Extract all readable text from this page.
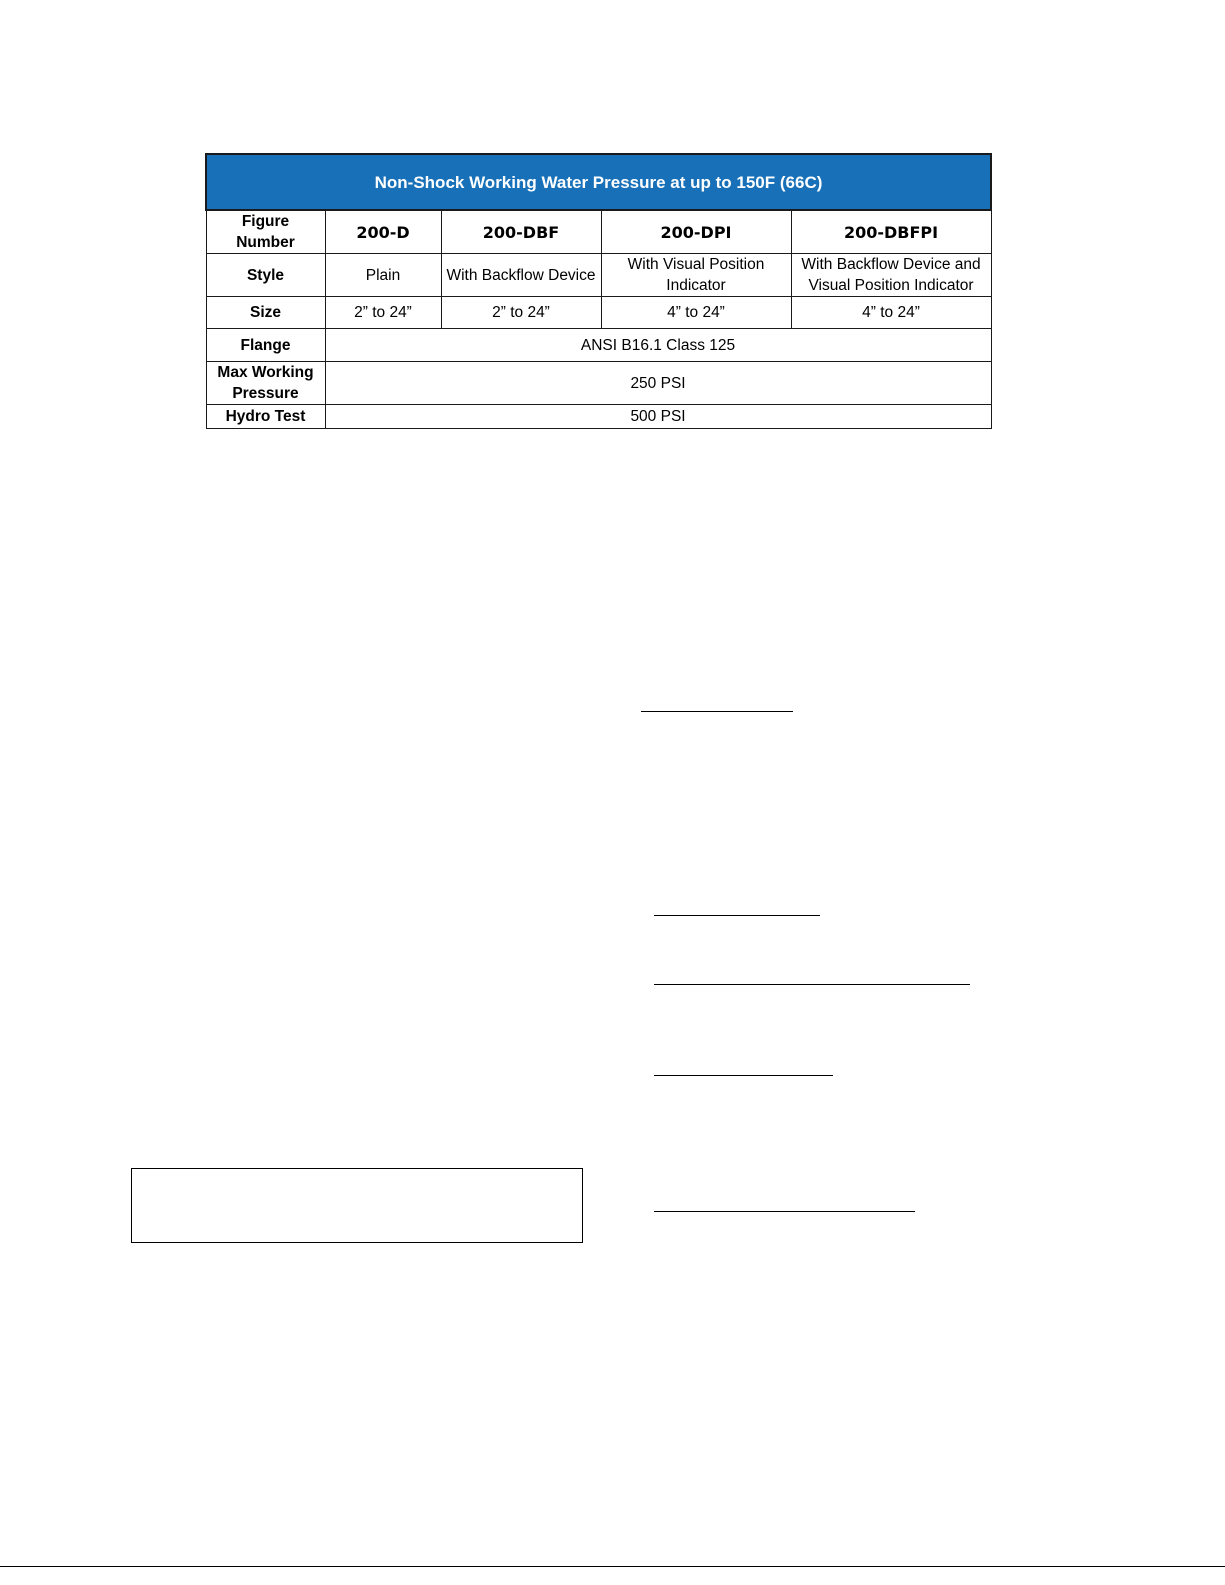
Non-Shock Working Water Pressure at up to 150F (66C)				
Figure Number	200-D	200-DBF	200-DPI	200-DBFPI
Style	Plain	With Backflow Device	With Visual Position Indicator	With Backflow Device and Visual Position Indicator
Size	2” to 24”	2” to 24”	4” to 24”	4” to 24”
Flange	ANSI B16.1 Class 125			
Max Working Pressure	250 PSI			
Hydro Test	500 PSI			
